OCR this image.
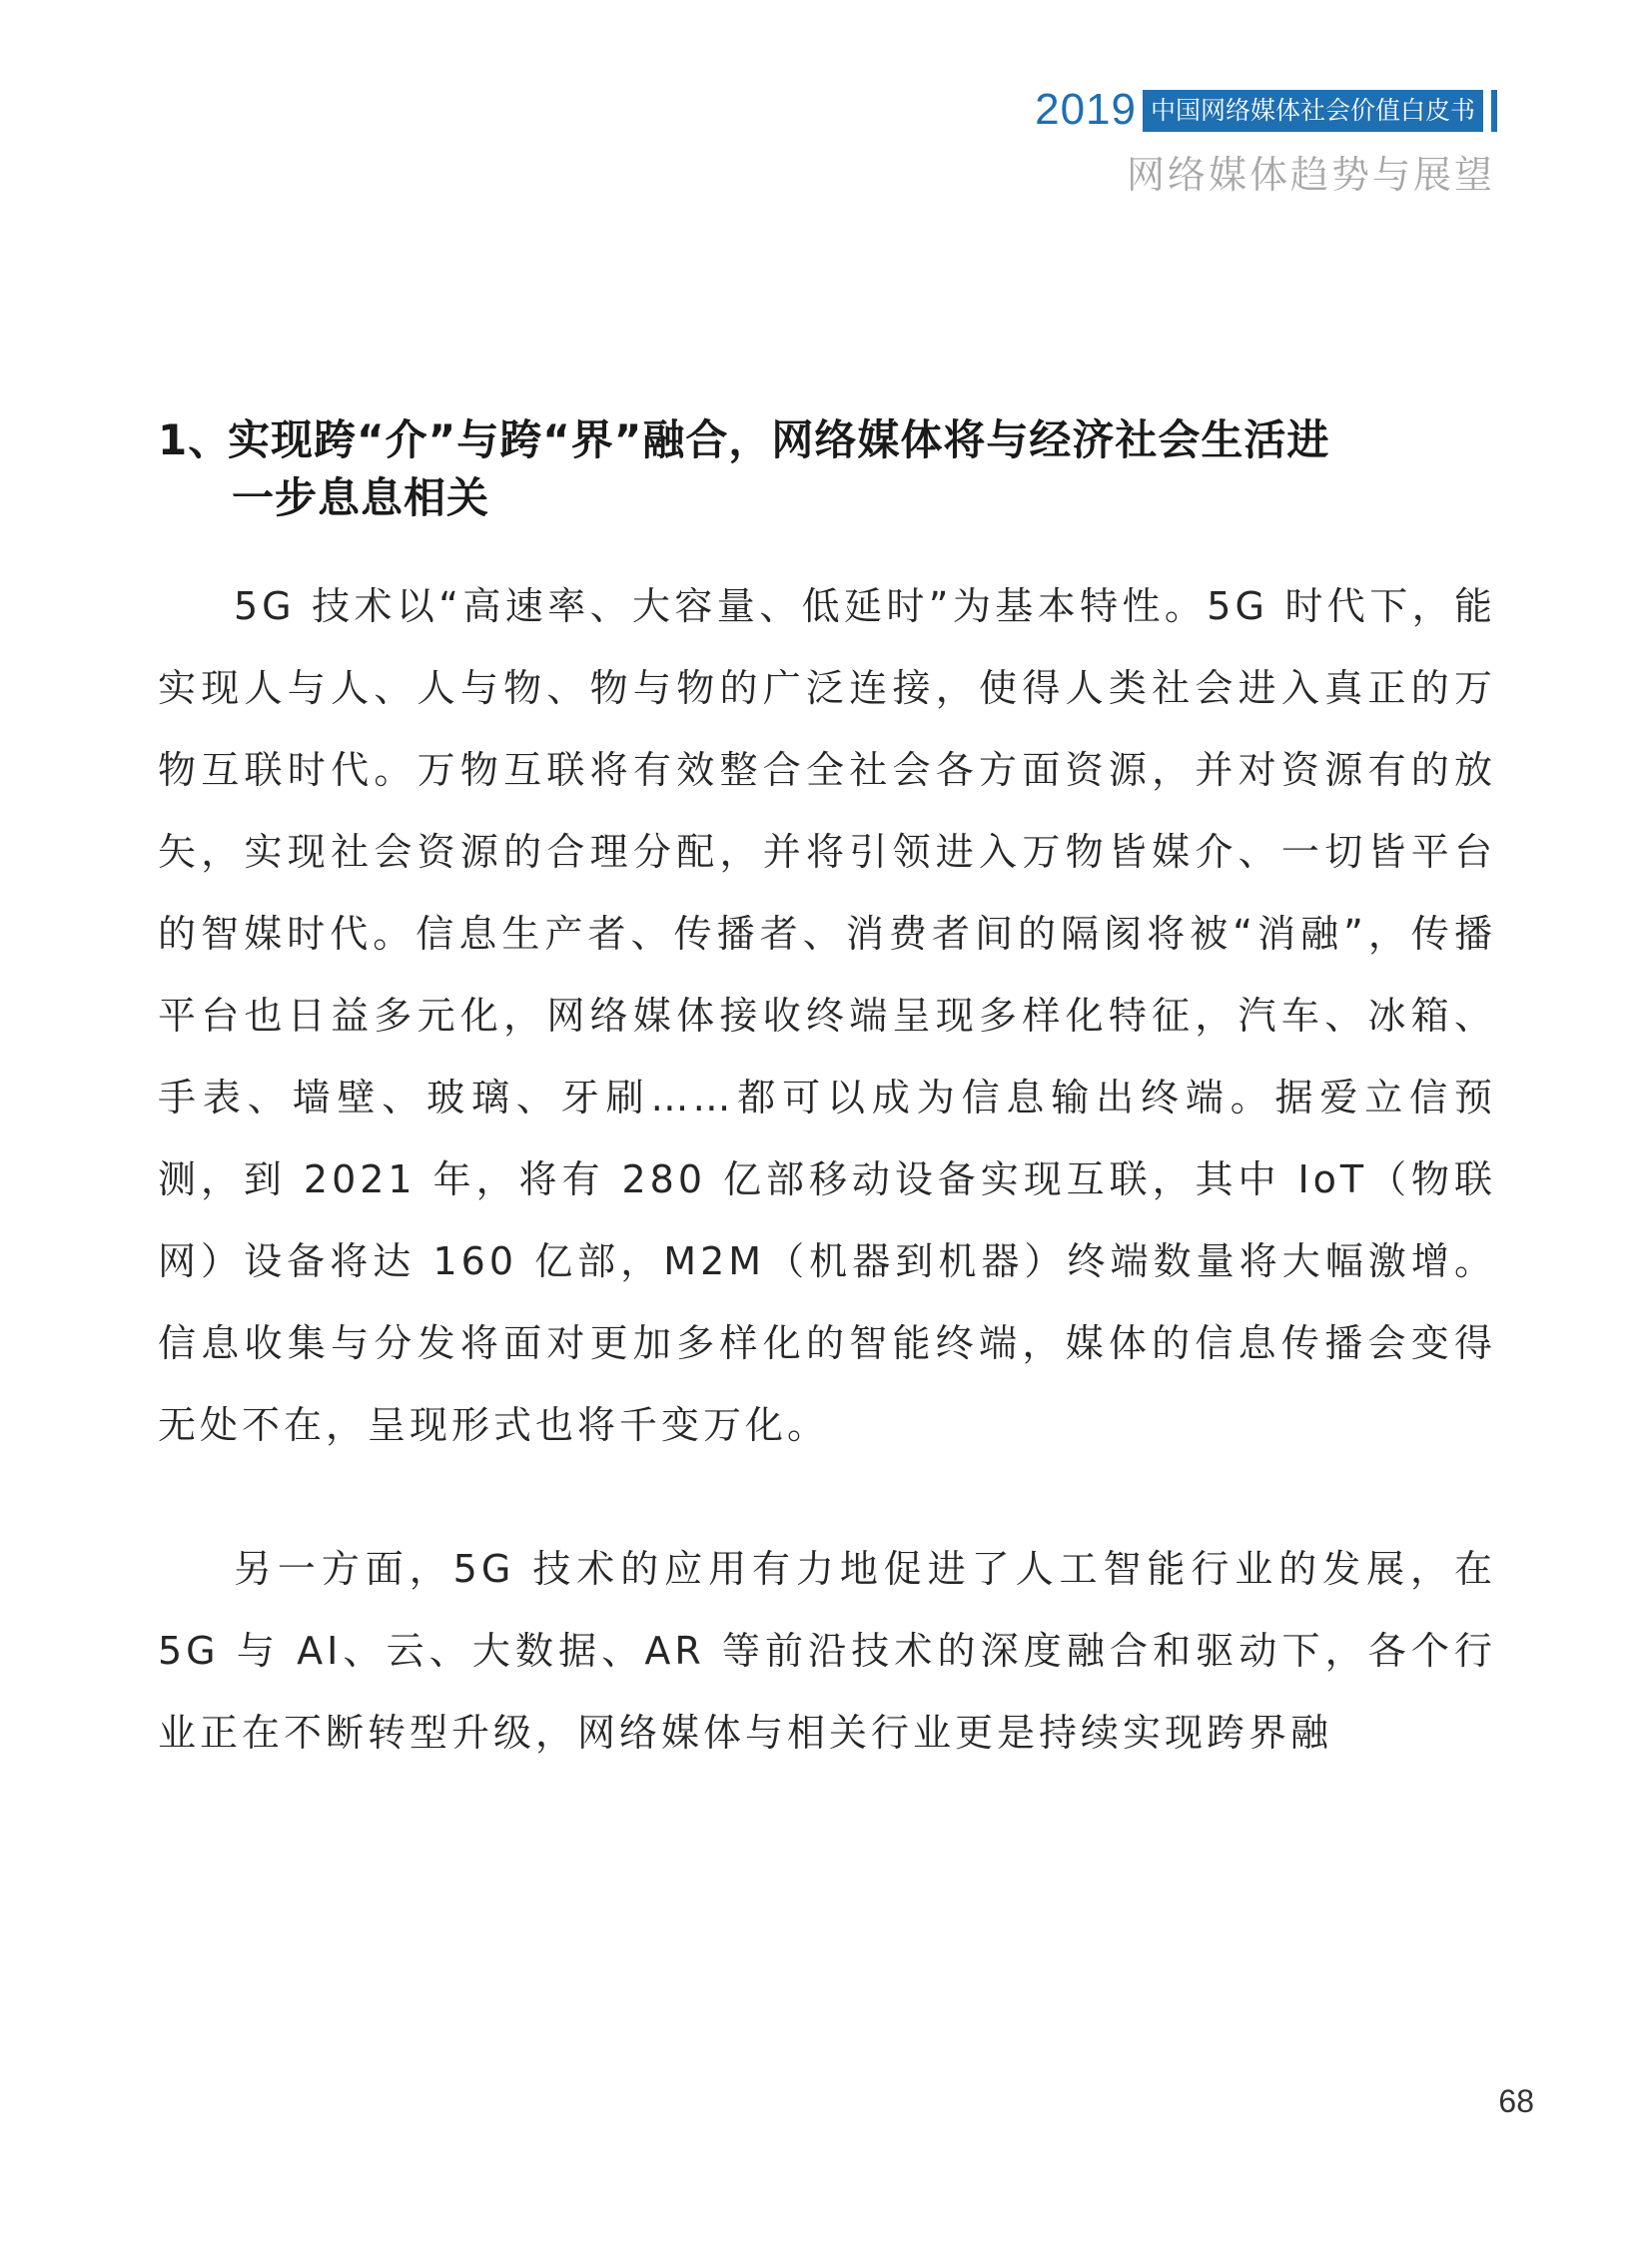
2019 中国网络媒体社会价值白皮书
网络媒体趋势与展望
1、实现跨“介”与跨“界”融合，网络媒体将与经济社会生活进
一步息息相关

5G 技术以“高速率、大容量、低延时”为基本特性。5G 时代下，能实现人与人、人与物、物与物的广泛连接，使得人类社会进入真正的万物互联时代。万物互联将有效整合全社会各方面资源，并对资源有的放矢，实现社会资源的合理分配，并将引领进入万物皆媒介、一切皆平台的智媒时代。信息生产者、传播者、消费者间的隔阂将被“消融”，传播平台也日益多元化，网络媒体接收终端呈现多样化特征，汽车、冰箱、手表、墙壁、玻璃、牙刷……都可以成为信息输出终端。据爱立信预测，到 2021 年，将有 280 亿部移动设备实现互联，其中 IoT（物联网）设备将达 160 亿部，M2M（机器到机器）终端数量将大幅激增。信息收集与分发将面对更加多样化的智能终端，媒体的信息传播会变得无处不在，呈现形式也将千变万化。

另一方面，5G 技术的应用有力地促进了人工智能行业的发展，在 5G 与 AI、云、大数据、AR 等前沿技术的深度融合和驱动下，各个行业正在不断转型升级，网络媒体与相关行业更是持续实现跨界融

68
